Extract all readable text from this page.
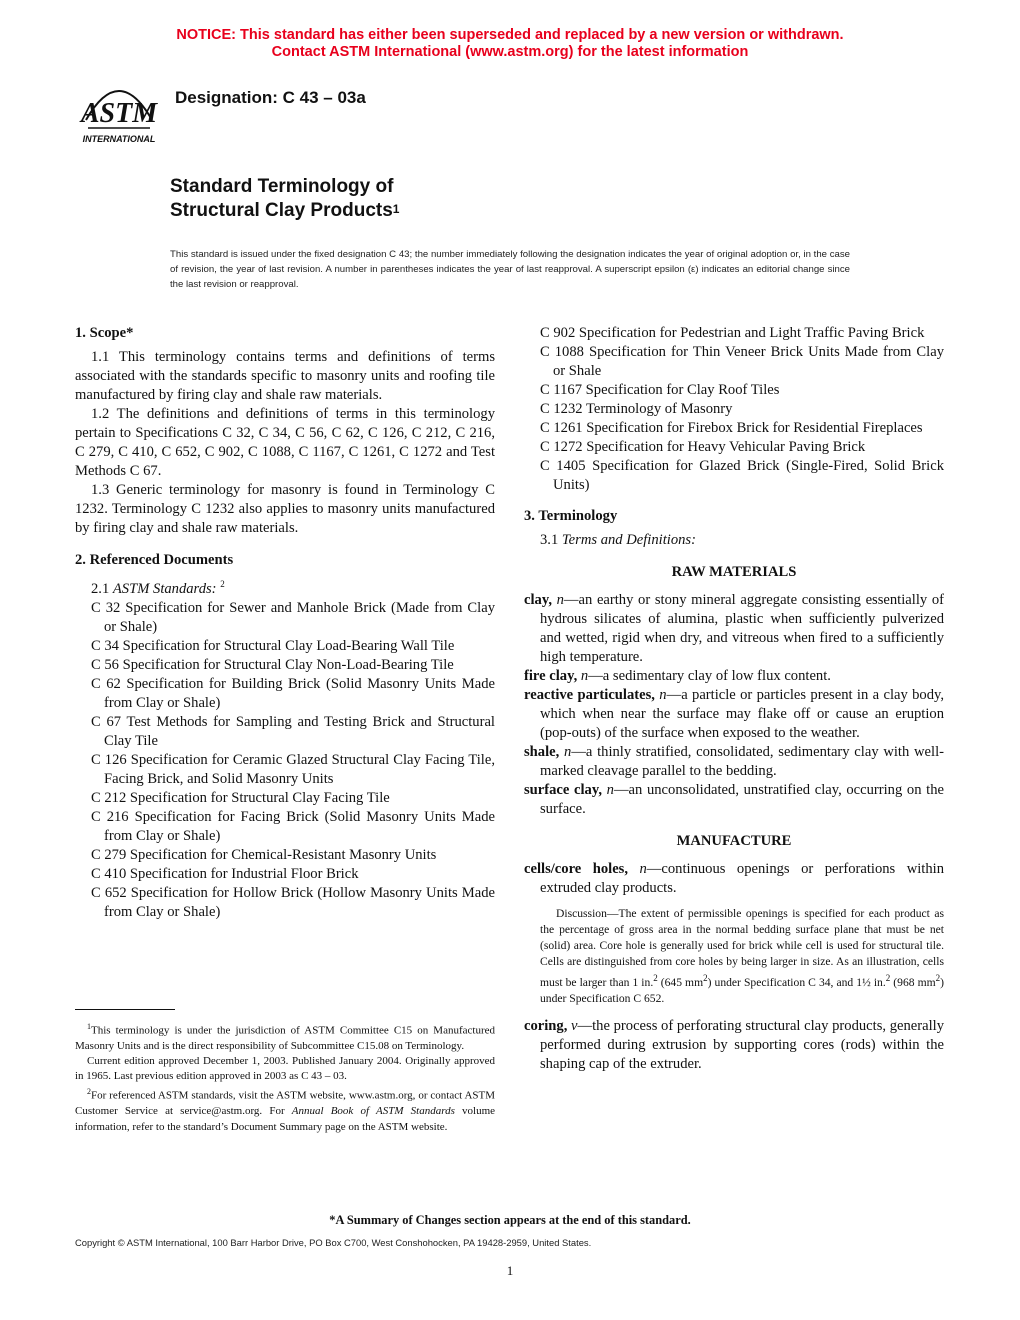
NOTICE: This standard has either been superseded and replaced by a new version or withdrawn.
Contact ASTM International (www.astm.org) for the latest information
ASTM
INTERNATIONAL
Designation: C 43 – 03a
Standard Terminology of
Structural Clay Products$^1$
This standard is issued under the fixed designation C 43; the number immediately following the designation indicates the year of original adoption or, in the case of revision, the year of last revision. A number in parentheses indicates the year of last reapproval. A superscript epsilon (ε) indicates an editorial change since the last revision or reapproval.

1. Scope*

1.1 This terminology contains terms and definitions of terms associated with the standards specific to masonry units and roofing tile manufactured by firing clay and shale raw materials.

1.2 The definitions and definitions of terms in this terminology pertain to Specifications C 32, C 34, C 56, C 62, C 126, C 212, C 216, C 279, C 410, C 652, C 902, C 1088, C 1167, C 1261, C 1272 and Test Methods C 67.

1.3 Generic terminology for masonry is found in Terminology C 1232. Terminology C 1232 also applies to masonry units manufactured by firing clay and shale raw materials.

2. Referenced Documents

2.1 ASTM Standards: $^2$

C 32 Specification for Sewer and Manhole Brick (Made from Clay or Shale)

C 34 Specification for Structural Clay Load-Bearing Wall Tile

C 56 Specification for Structural Clay Non-Load-Bearing Tile

C 62 Specification for Building Brick (Solid Masonry Units Made from Clay or Shale)

C 67 Test Methods for Sampling and Testing Brick and Structural Clay Tile

C 126 Specification for Ceramic Glazed Structural Clay Facing Tile, Facing Brick, and Solid Masonry Units

C 212 Specification for Structural Clay Facing Tile

C 216 Specification for Facing Brick (Solid Masonry Units Made from Clay or Shale)

C 279 Specification for Chemical-Resistant Masonry Units

C 410 Specification for Industrial Floor Brick

C 652 Specification for Hollow Brick (Hollow Masonry Units Made from Clay or Shale)

C 902 Specification for Pedestrian and Light Traffic Paving Brick

C 1088 Specification for Thin Veneer Brick Units Made from Clay or Shale

C 1167 Specification for Clay Roof Tiles

C 1232 Terminology of Masonry

C 1261 Specification for Firebox Brick for Residential Fireplaces

C 1272 Specification for Heavy Vehicular Paving Brick

C 1405 Specification for Glazed Brick (Single-Fired, Solid Brick Units)

3. Terminology

3.1 Terms and Definitions:

RAW MATERIALS

clay, n—an earthy or stony mineral aggregate consisting essentially of hydrous silicates of alumina, plastic when sufficiently pulverized and wetted, rigid when dry, and vitreous when fired to a sufficiently high temperature.

fire clay, n—a sedimentary clay of low flux content.

reactive particulates, n—a particle or particles present in a clay body, which when near the surface may flake off or cause an eruption (pop-outs) of the surface when exposed to the weather.

shale, n—a thinly stratified, consolidated, sedimentary clay with well-marked cleavage parallel to the bedding.

surface clay, n—an unconsolidated, unstratified clay, occurring on the surface.

MANUFACTURE

cells/core holes, n—continuous openings or perforations within extruded clay products.

Discussion—The extent of permissible openings is specified for each product as the percentage of gross area in the normal bedding surface plane that must be net (solid) area. Core hole is generally used for brick while cell is used for structural tile. Cells are distinguished from core holes by being larger in size. As an illustration, cells must be larger than 1 in.$^2$ (645 $mm^2$) under Specification C 34, and 1½ in.$^2$ (968 $mm^2$) under Specification C 652.

coring, v—the process of perforating structural clay products, generally performed during extrusion by supporting cores (rods) within the shaping cap of the extruder.

$^1$This terminology is under the jurisdiction of ASTM Committee C15 on Manufactured Masonry Units and is the direct responsibility of Subcommittee C15.08 on Terminology.

Current edition approved December 1, 2003. Published January 2004. Originally approved in 1965. Last previous edition approved in 2003 as C 43 – 03.

$^2$For referenced ASTM standards, visit the ASTM website, www.astm.org, or contact ASTM Customer Service at service@astm.org. For Annual Book of ASTM Standards volume information, refer to the standard’s Document Summary page on the ASTM website.

*A Summary of Changes section appears at the end of this standard.
Copyright © ASTM International, 100 Barr Harbor Drive, PO Box C700, West Conshohocken, PA 19428-2959, United States.
1
